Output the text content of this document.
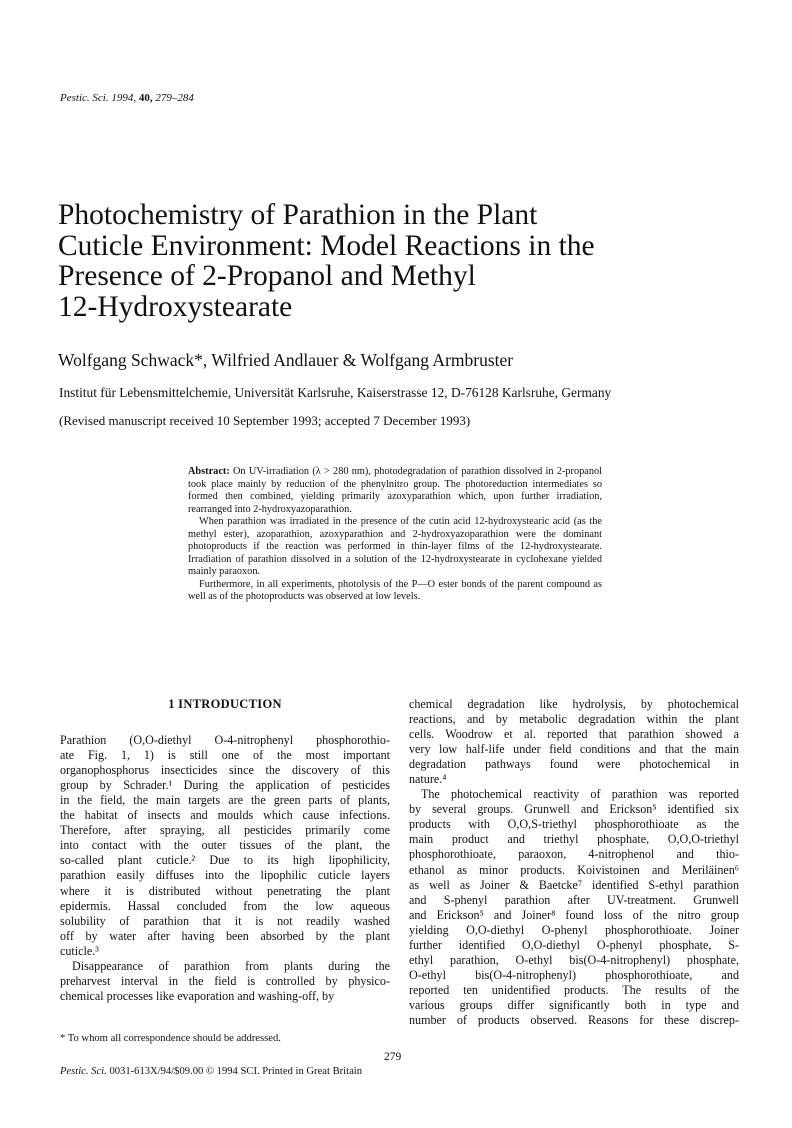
Pestic. Sci. 1994, 40, 279–284
Photochemistry of Parathion in the Plant
Cuticle Environment: Model Reactions in the
Presence of 2-Propanol and Methyl
12-Hydroxystearate
Wolfgang Schwack*, Wilfried Andlauer & Wolfgang Armbruster
Institut für Lebensmittelchemie, Universität Karlsruhe, Kaiserstrasse 12, D-76128 Karlsruhe, Germany
(Revised manuscript received 10 September 1993; accepted 7 December 1993)

Abstract: On UV-irradiation (λ > 280 nm), photodegradation of parathion dissolved in 2-propanol took place mainly by reduction of the phenylnitro group. The photoreduction intermediates so formed then combined, yielding primarily azoxyparathion which, upon further irradiation, rearranged into 2-hydroxyazoparathion.

When parathion was irradiated in the presence of the cutin acid 12-hydroxystearic acid (as the methyl ester), azoparathion, azoxyparathion and 2-hydroxyazoparathion were the dominant photoproducts if the reaction was performed in thin-layer films of the 12-hydroxystearate. Irradiation of parathion dissolved in a solution of the 12-hydroxystearate in cyclohexane yielded mainly paraoxon.

Furthermore, in all experiments, photolysis of the P—O ester bonds of the parent compound as well as of the photoproducts was observed at low levels.

1 INTRODUCTION
Parathion (O,O-diethyl O-4-nitrophenyl phosphorothio-
ate Fig. 1, 1) is still one of the most important
organophosphorus insecticides since the discovery of this
group by Schrader.¹ During the application of pesticides
in the field, the main targets are the green parts of plants,
the habitat of insects and moulds which cause infections.
Therefore, after spraying, all pesticides primarily come
into contact with the outer tissues of the plant, the
so-called plant cuticle.² Due to its high lipophilicity,
parathion easily diffuses into the lipophilic cuticle layers
where it is distributed without penetrating the plant
epidermis. Hassal concluded from the low aqueous
solubility of parathion that it is not readily washed
off by water after having been absorbed by the plant
cuticle.³
Disappearance of parathion from plants during the
preharvest interval in the field is controlled by physico-
chemical processes like evaporation and washing-off, by
chemical degradation like hydrolysis, by photochemical
reactions, and by metabolic degradation within the plant
cells. Woodrow et al. reported that parathion showed a
very low half-life under field conditions and that the main
degradation pathways found were photochemical in
nature.⁴
The photochemical reactivity of parathion was reported
by several groups. Grunwell and Erickson⁵ identified six
products with O,O,S-triethyl phosphorothioate as the
main product and triethyl phosphate, O,O,O-triethyl
phosphorothioate, paraoxon, 4-nitrophenol and thio-
ethanol as minor products. Koivistoinen and Meriläinen⁶
as well as Joiner & Baetcke⁷ identified S-ethyl parathion
and S-phenyl parathion after UV-treatment. Grunwell
and Erickson⁵ and Joiner⁸ found loss of the nitro group
yielding O,O-diethyl O-phenyl phosphorothioate. Joiner
further identified O,O-diethyl O-phenyl phosphate, S-
ethyl parathion, O-ethyl bis(O-4-nitrophenyl) phosphate,
O-ethyl bis(O-4-nitrophenyl) phosphorothioate, and
reported ten unidentified products. The results of the
various groups differ significantly both in type and
number of products observed. Reasons for these discrep-
* To whom all correspondence should be addressed.
279
Pestic. Sci. 0031-613X/94/$09.00 © 1994 SCI. Printed in Great Britain
